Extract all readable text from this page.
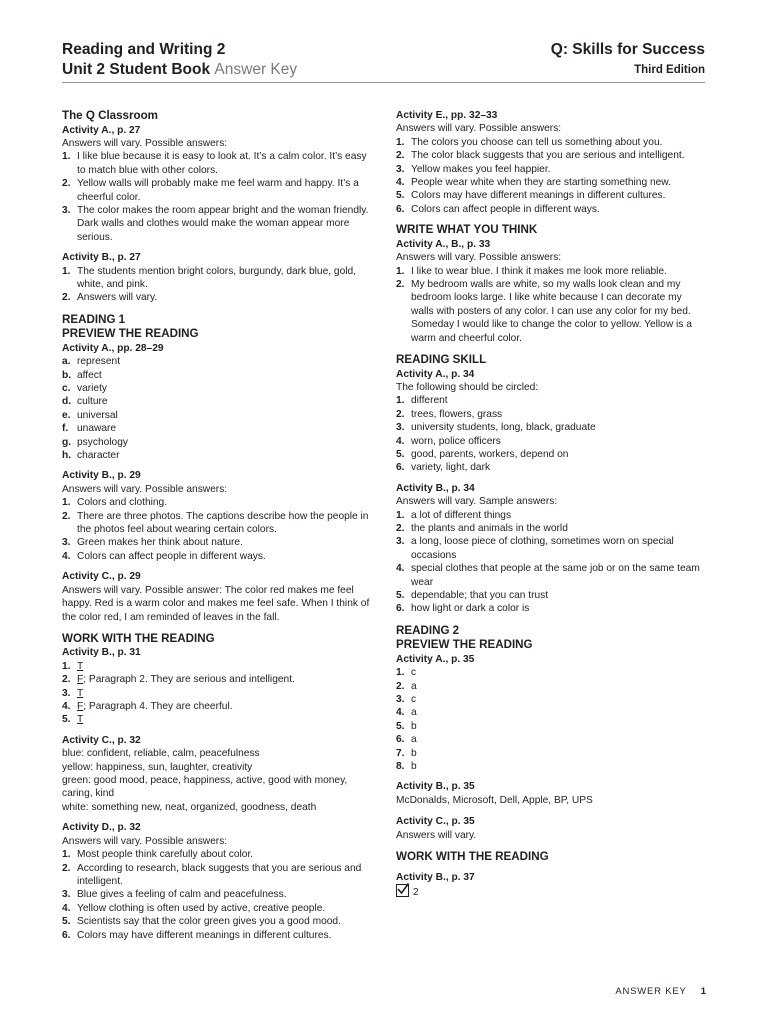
Reading and Writing 2
Unit 2 Student Book Answer Key
Q: Skills for Success
Third Edition
The Q Classroom
Activity A., p. 27

Answers will vary. Possible answers:

1. I like blue because it is easy to look at. It’s a calm color. It’s easy to match blue with other colors.
2. Yellow walls will probably make me feel warm and happy. It’s a cheerful color.
3. The color makes the room appear bright and the woman friendly. Dark walls and clothes would make the woman appear more serious.
Activity B., p. 27
1. The students mention bright colors, burgundy, dark blue, gold, white, and pink.
2. Answers will vary.
READING 1
PREVIEW THE READING
Activity A., pp. 28–29
a. represent
b. affect
c. variety
d. culture
e. universal
f. unaware
g. psychology
h. character
Activity B., p. 29

Answers will vary. Possible answers:

1. Colors and clothing.
2. There are three photos. The captions describe how the people in the photos feel about wearing certain colors.
3. Green makes her think about nature.
4. Colors can affect people in different ways.
Activity C., p. 29

Answers will vary. Possible answer: The color red makes me feel happy. Red is a warm color and makes me feel safe. When I think of the color red, I am reminded of leaves in the fall.

WORK WITH THE READING
Activity B., p. 31
1. T
2. F; Paragraph 2. They are serious and intelligent.
3. T
4. F; Paragraph 4. They are cheerful.
5. T
Activity C., p. 32

blue: confident, reliable, calm, peacefulness

yellow: happiness, sun, laughter, creativity

green: good mood, peace, happiness, active, good with money, caring, kind

white: something new, neat, organized, goodness, death

Activity D., p. 32

Answers will vary. Possible answers:

1. Most people think carefully about color.
2. According to research, black suggests that you are serious and intelligent.
3. Blue gives a feeling of calm and peacefulness.
4. Yellow clothing is often used by active, creative people.
5. Scientists say that the color green gives you a good mood.
6. Colors may have different meanings in different cultures.
Activity E., pp. 32–33

Answers will vary. Possible answers:

1. The colors you choose can tell us something about you.
2. The color black suggests that you are serious and intelligent.
3. Yellow makes you feel happier.
4. People wear white when they are starting something new.
5. Colors may have different meanings in different cultures.
6. Colors can affect people in different ways.
WRITE WHAT YOU THINK
Activity A., B., p. 33

Answers will vary. Possible answers:

1. I like to wear blue. I think it makes me look more reliable.
2. My bedroom walls are white, so my walls look clean and my bedroom looks large. I like white because I can decorate my walls with posters of any color. I can use any color for my bed. Someday I would like to change the color to yellow. Yellow is a warm and cheerful color.
READING SKILL
Activity A., p. 34

The following should be circled:

1. different
2. trees, flowers, grass
3. university students, long, black, graduate
4. worn, police officers
5. good, parents, workers, depend on
6. variety, light, dark
Activity B., p. 34

Answers will vary. Sample answers:

1. a lot of different things
2. the plants and animals in the world
3. a long, loose piece of clothing, sometimes worn on special occasions
4. special clothes that people at the same job or on the same team wear
5. dependable; that you can trust
6. how light or dark a color is
READING 2
PREVIEW THE READING
Activity A., p. 35
1. c
2. a
3. c
4. a
5. b
6. a
7. b
8. b
Activity B., p. 35

McDonalds, Microsoft, Dell, Apple, BP, UPS

Activity C., p. 35

Answers will vary.

WORK WITH THE READING
Activity B., p. 37
2
ANSWER KEY 1
